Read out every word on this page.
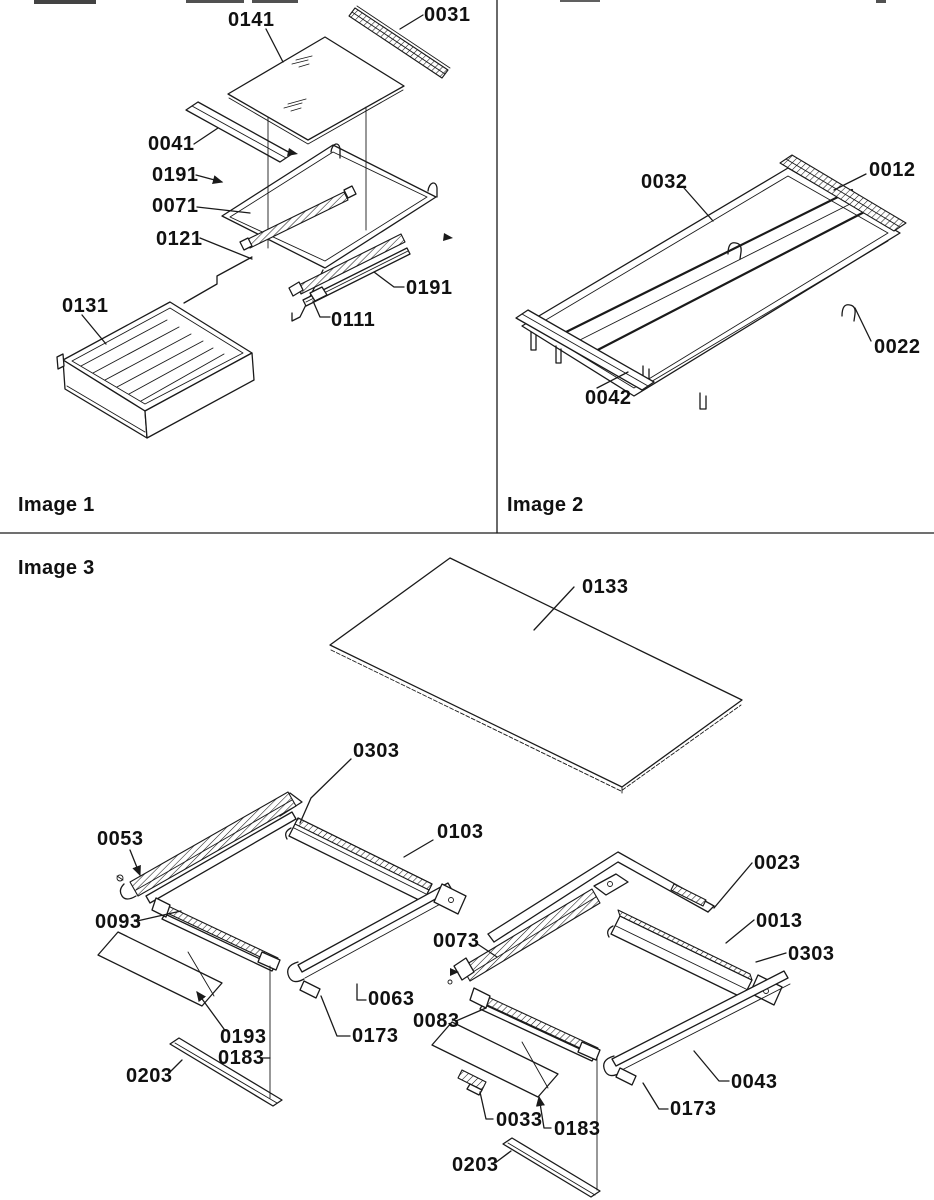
0141	0031
0041
0191
0071
0121
0131
0191
0111
Image 1
0032
0012
0022
0042
Image 2
0133
0303
0053	0103
0093
0023
0073
0013
0303
0063
0173
0083
0193
0183
0203
0033 0183
0203
0043
0173
Image 3
